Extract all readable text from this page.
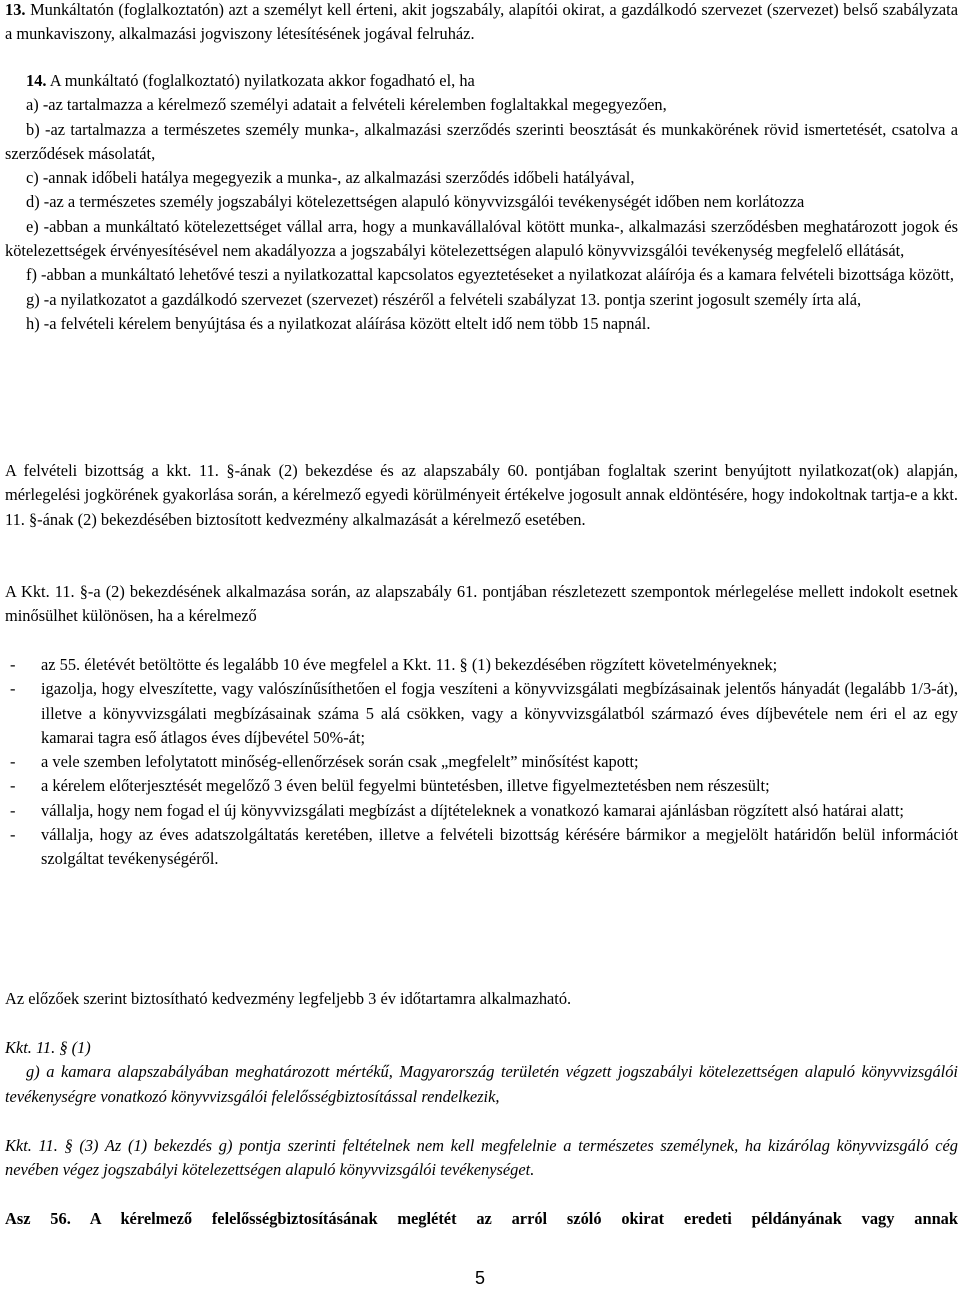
13. Munkáltatón (foglalkoztatón) azt a személyt kell érteni, akit jogszabály, alapítói okirat, a gazdálkodó szervezet (szervezet) belső szabályzata a munkaviszony, alkalmazási jogviszony létesítésének jogával felruház.

14. A munkáltató (foglalkoztató) nyilatkozata akkor fogadható el, ha

a) -az tartalmazza a kérelmező személyi adatait a felvételi kérelemben foglaltakkal megegyezően,

b) -az tartalmazza a természetes személy munka-, alkalmazási szerződés szerinti beosztását és munkakörének rövid ismertetését, csatolva a szerződések másolatát,

c) -annak időbeli hatálya megegyezik a munka-, az alkalmazási szerződés időbeli hatályával,

d) -az a természetes személy jogszabályi kötelezettségen alapuló könyvvizsgálói tevékenységét időben nem korlátozza

e) -abban a munkáltató kötelezettséget vállal arra, hogy a munkavállalóval kötött munka-, alkalmazási szerződésben meghatározott jogok és kötelezettségek érvényesítésével nem akadályozza a jogszabályi kötelezettségen alapuló könyvvizsgálói tevékenység megfelelő ellátását,

f) -abban a munkáltató lehetővé teszi a nyilatkozattal kapcsolatos egyeztetéseket a nyilatkozat aláírója és a kamara felvételi bizottsága között,

g) -a nyilatkozatot a gazdálkodó szervezet (szervezet) részéről a felvételi szabályzat 13. pontja szerint jogosult személy írta alá,

h) -a felvételi kérelem benyújtása és a nyilatkozat aláírása között eltelt idő nem több 15 napnál.

A felvételi bizottság a kkt. 11. §-ának (2) bekezdése és az alapszabály 60. pontjában foglaltak szerint benyújtott nyilatkozat(ok) alapján, mérlegelési jogkörének gyakorlása során, a kérelmező egyedi körülményeit értékelve jogosult annak eldöntésére, hogy indokoltnak tartja-e a kkt. 11. §-ának (2) bekezdésében biztosított kedvezmény alkalmazását a kérelmező esetében.

A Kkt. 11. §-a (2) bekezdésének alkalmazása során, az alapszabály 61. pontjában részletezett szempontok mérlegelése mellett indokolt esetnek minősülhet különösen, ha a kérelmező

-	az 55. életévét betöltötte és legalább 10 éve megfelel a Kkt. 11. § (1) bekezdésében rögzített követelményeknek;
-	igazolja, hogy elveszítette, vagy valószínűsíthetően el fogja veszíteni a könyvvizsgálati megbízásainak jelentős hányadát (legalább 1/3-át), illetve a könyvvizsgálati megbízásainak száma 5 alá csökken, vagy a könyvvizsgálatból származó éves díjbevétele nem éri el az egy kamarai tagra eső átlagos éves díjbevétel 50%-át;
-	a vele szemben lefolytatott minőség-ellenőrzések során csak „megfelelt” minősítést kapott;
-	a kérelem előterjesztését megelőző 3 éven belül fegyelmi büntetésben, illetve figyelmeztetésben nem részesült;
-	vállalja, hogy nem fogad el új könyvvizsgálati megbízást a díjtételeknek a vonatkozó kamarai ajánlásban rögzített alsó határai alatt;
-	vállalja, hogy az éves adatszolgáltatás keretében, illetve a felvételi bizottság kérésére bármikor a megjelölt határidőn belül információt szolgáltat tevékenységéről.

Az előzőek szerint biztosítható kedvezmény legfeljebb 3 év időtartamra alkalmazható.

Kkt. 11. § (1)

g) a kamara alapszabályában meghatározott mértékű, Magyarország területén végzett jogszabályi kötelezettségen alapuló könyvvizsgálói tevékenységre vonatkozó könyvvizsgálói felelősségbiztosítással rendelkezik,

Kkt. 11. § (3) Az (1) bekezdés g) pontja szerinti feltételnek nem kell megfelelnie a természetes személynek, ha kizárólag könyvvizsgáló cég nevében végez jogszabályi kötelezettségen alapuló könyvvizsgálói tevékenységet.

Asz 56. A kérelmező felelősségbiztosításának meglétét az arról szóló okirat eredeti példányának vagy annak

5
